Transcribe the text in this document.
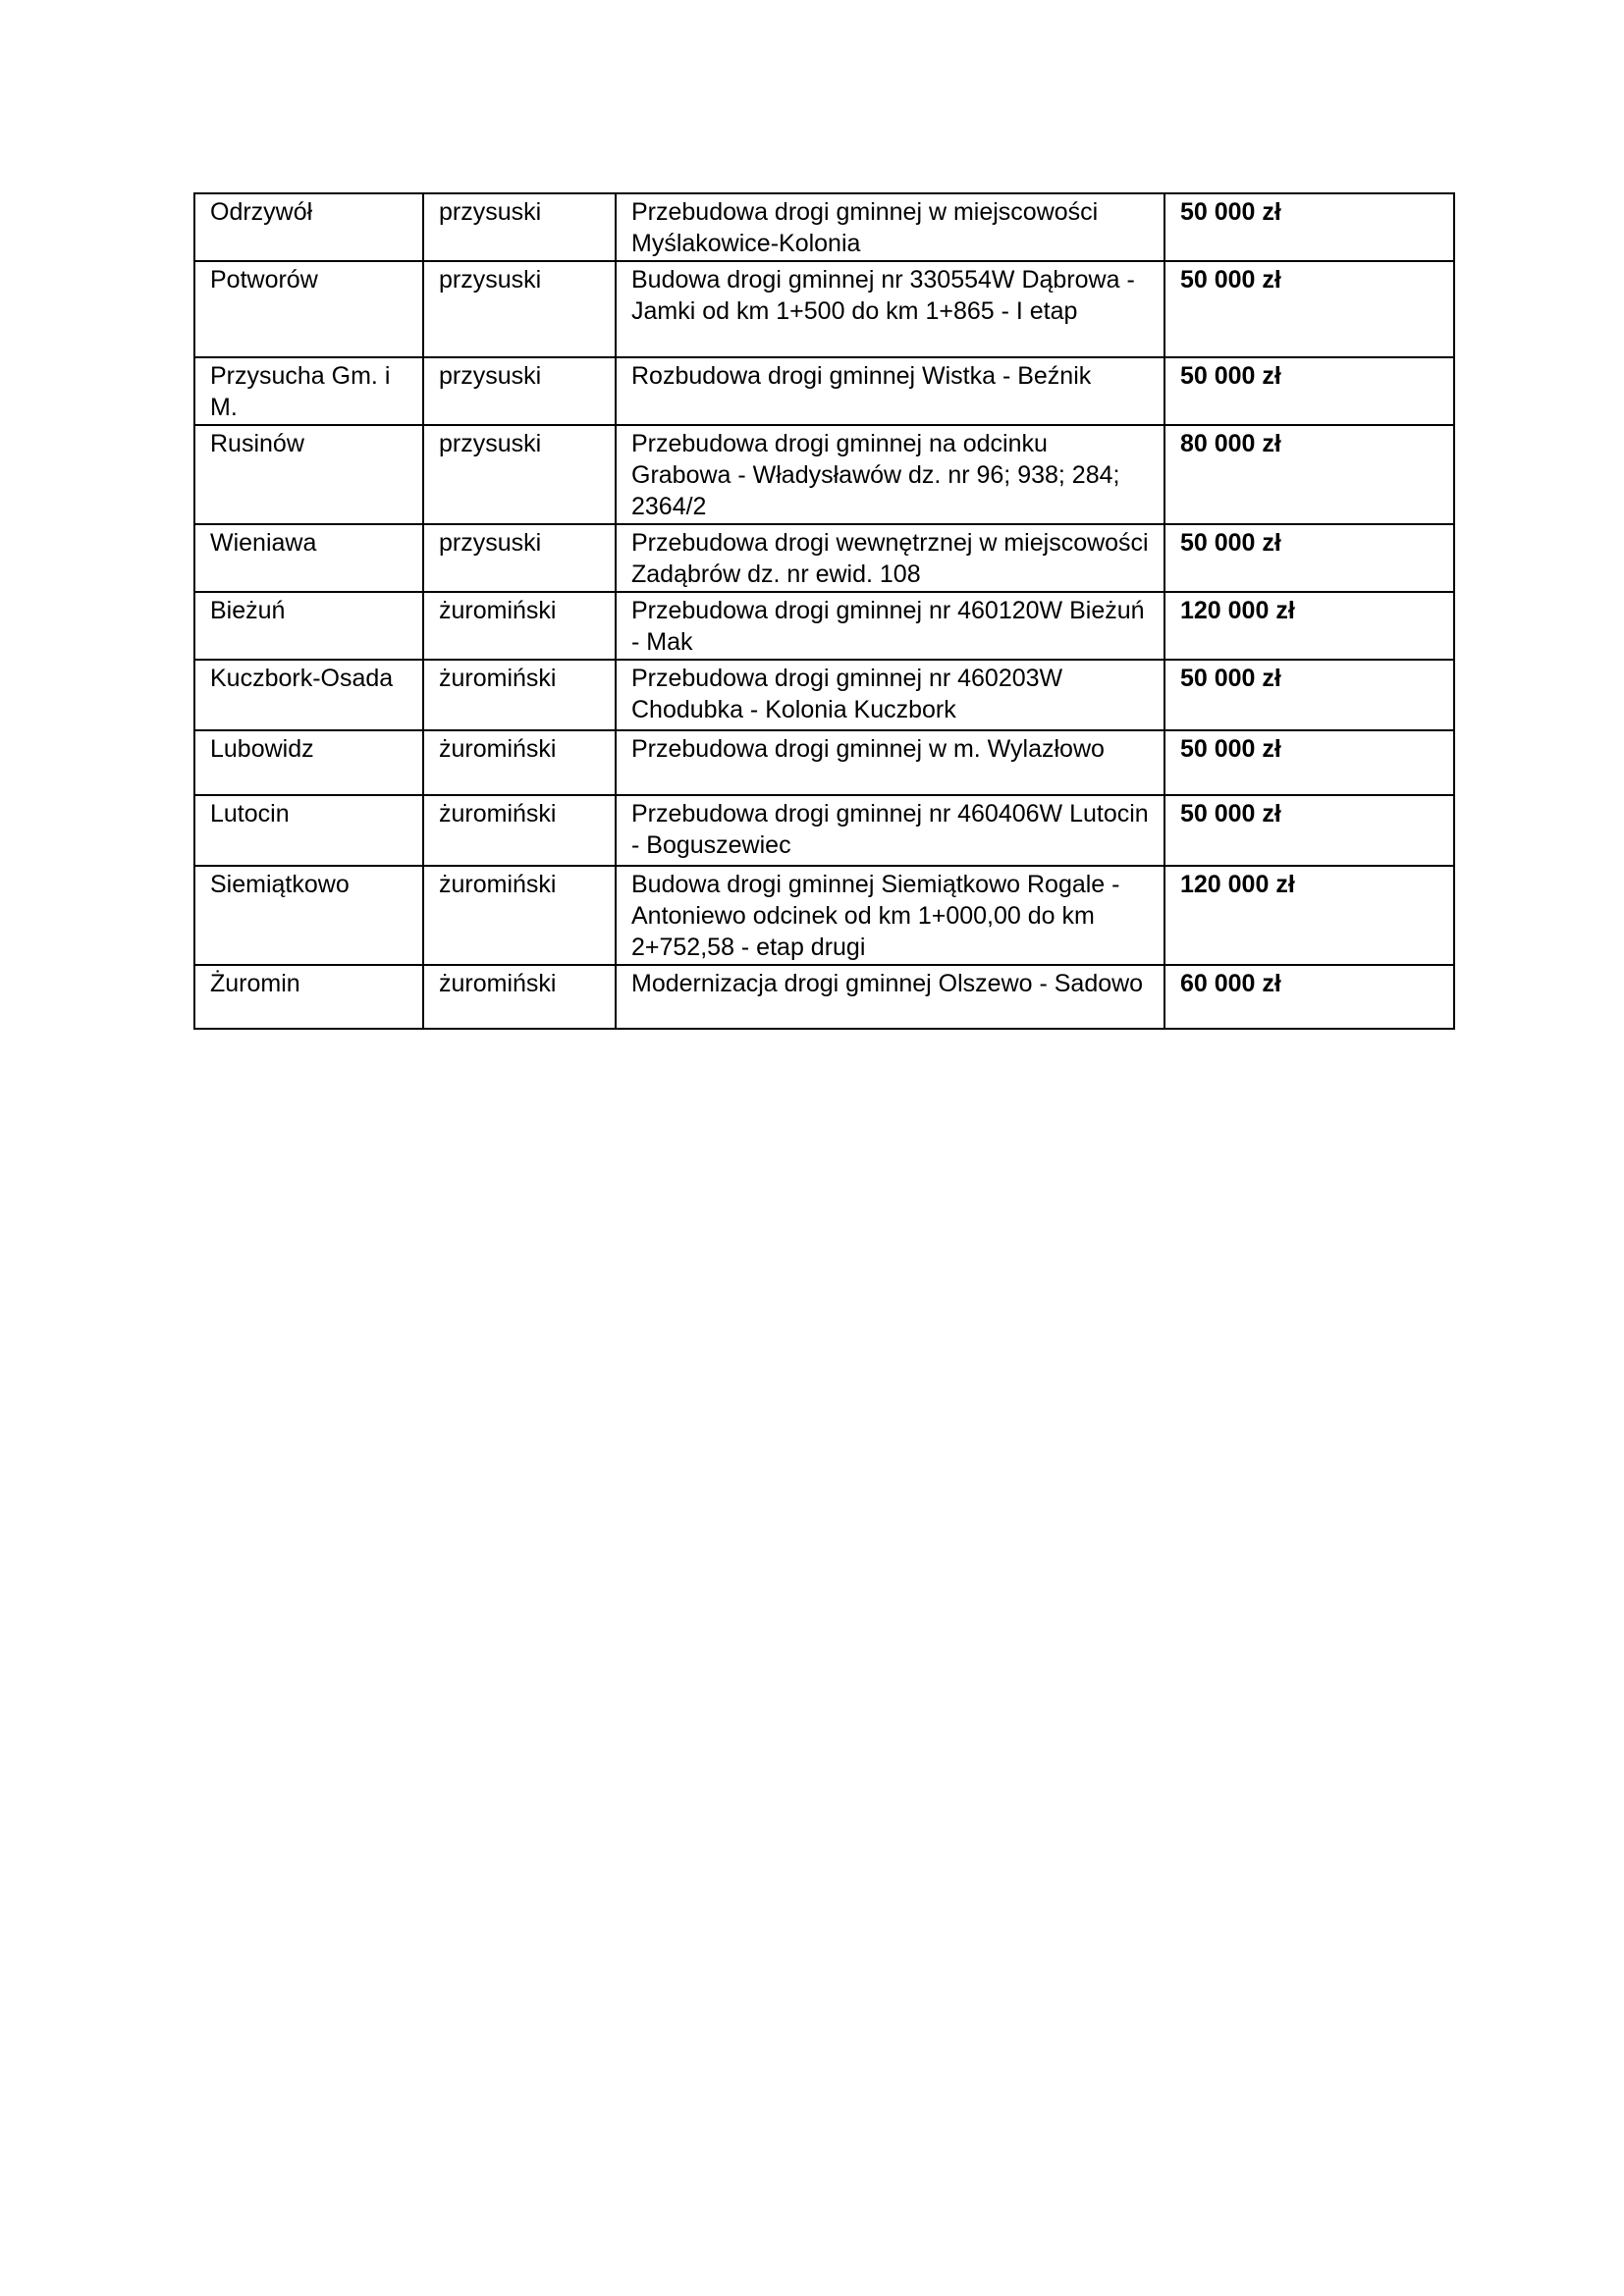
Odrzywół	przysuski	Przebudowa drogi gminnej w miejscowości Myślakowice-Kolonia	50 000 zł
Potworów	przysuski	Budowa drogi gminnej nr 330554W Dąbrowa - Jamki od km 1+500 do km 1+865 - I etap	50 000 zł
Przysucha Gm. i M.	przysuski	Rozbudowa drogi gminnej Wistka - Beźnik	50 000 zł
Rusinów	przysuski	Przebudowa drogi gminnej na odcinku Grabowa - Władysławów dz. nr 96; 938; 284; 2364/2	80 000 zł
Wieniawa	przysuski	Przebudowa drogi wewnętrznej w miejscowości Zadąbrów dz. nr ewid. 108	50 000 zł
Bieżuń	żuromiński	Przebudowa drogi gminnej nr 460120W Bieżuń - Mak	120 000 zł
Kuczbork-Osada	żuromiński	Przebudowa drogi gminnej nr 460203W Chodubka - Kolonia Kuczbork	50 000 zł
Lubowidz	żuromiński	Przebudowa drogi gminnej w m. Wylazłowo	50 000 zł
Lutocin	żuromiński	Przebudowa drogi gminnej nr 460406W Lutocin - Boguszewiec	50 000 zł
Siemiątkowo	żuromiński	Budowa drogi gminnej Siemiątkowo Rogale - Antoniewo odcinek od km 1+000,00 do km 2+752,58 - etap drugi	120 000 zł
Żuromin	żuromiński	Modernizacja drogi gminnej Olszewo - Sadowo	60 000 zł
